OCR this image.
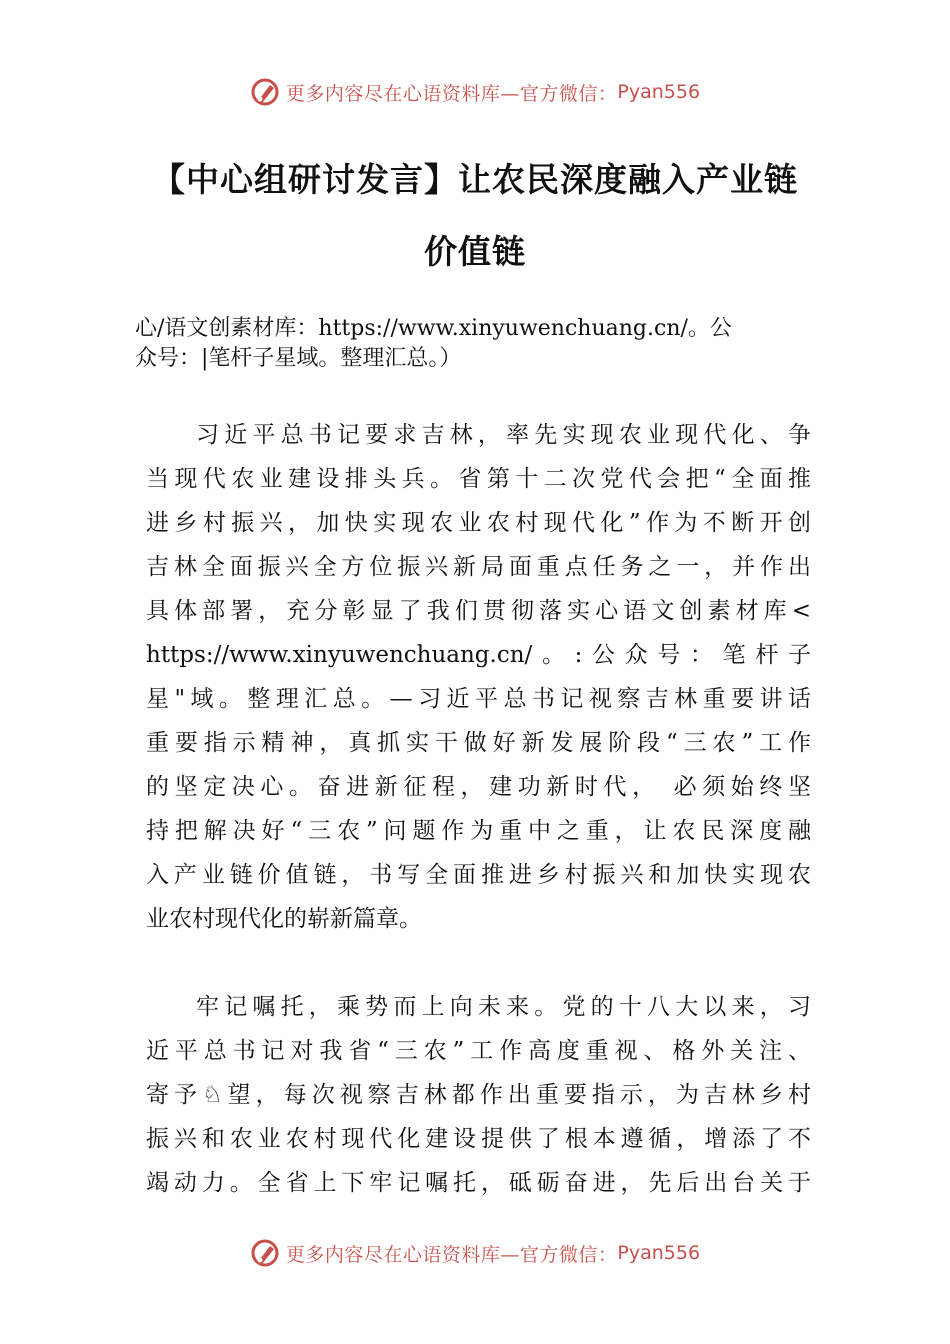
更多内容尽在心语资料库—官方微信： Pyan556
【中心组研讨发言】让农民深度融入产业链
价值链
心/语文创素材库：https://www.xinyuwenchuang.cn/。公
众号：|笔杆子星域。整理汇总。）
习近平总书记要求吉林，率先实现农业现代化、争
当现代农业建设排头兵。省第十二次党代会把“全面推
进乡村振兴，加快实现农业农村现代化”作为不断开创
吉林全面振兴全方位振兴新局面重点任务之一，并作出
具体部署，充分彰显了我们贯彻落实心语文创素材库<
https://www.xinyuwenchuang.cn/。:公众号：笔杆子
星"域。整理汇总。—习近平总书记视察吉林重要讲话
重要指示精神，真抓实干做好新发展阶段“三农”工作
的坚定决心。奋进新征程，建功新时代， 必须始终坚
持把解决好“三农”问题作为重中之重，让农民深度融
入产业链价值链，书写全面推进乡村振兴和加快实现农
业农村现代化的崭新篇章。
牢记嘱托，乘势而上向未来。党的十八大以来，习
近平总书记对我省“三农”工作高度重视、格外关注、
寄予♘望，每次视察吉林都作出重要指示，为吉林乡村
振兴和农业农村现代化建设提供了根本遵循，增添了不
竭动力。全省上下牢记嘱托，砥砺奋进，先后出台关于
更多内容尽在心语资料库—官方微信： Pyan556
